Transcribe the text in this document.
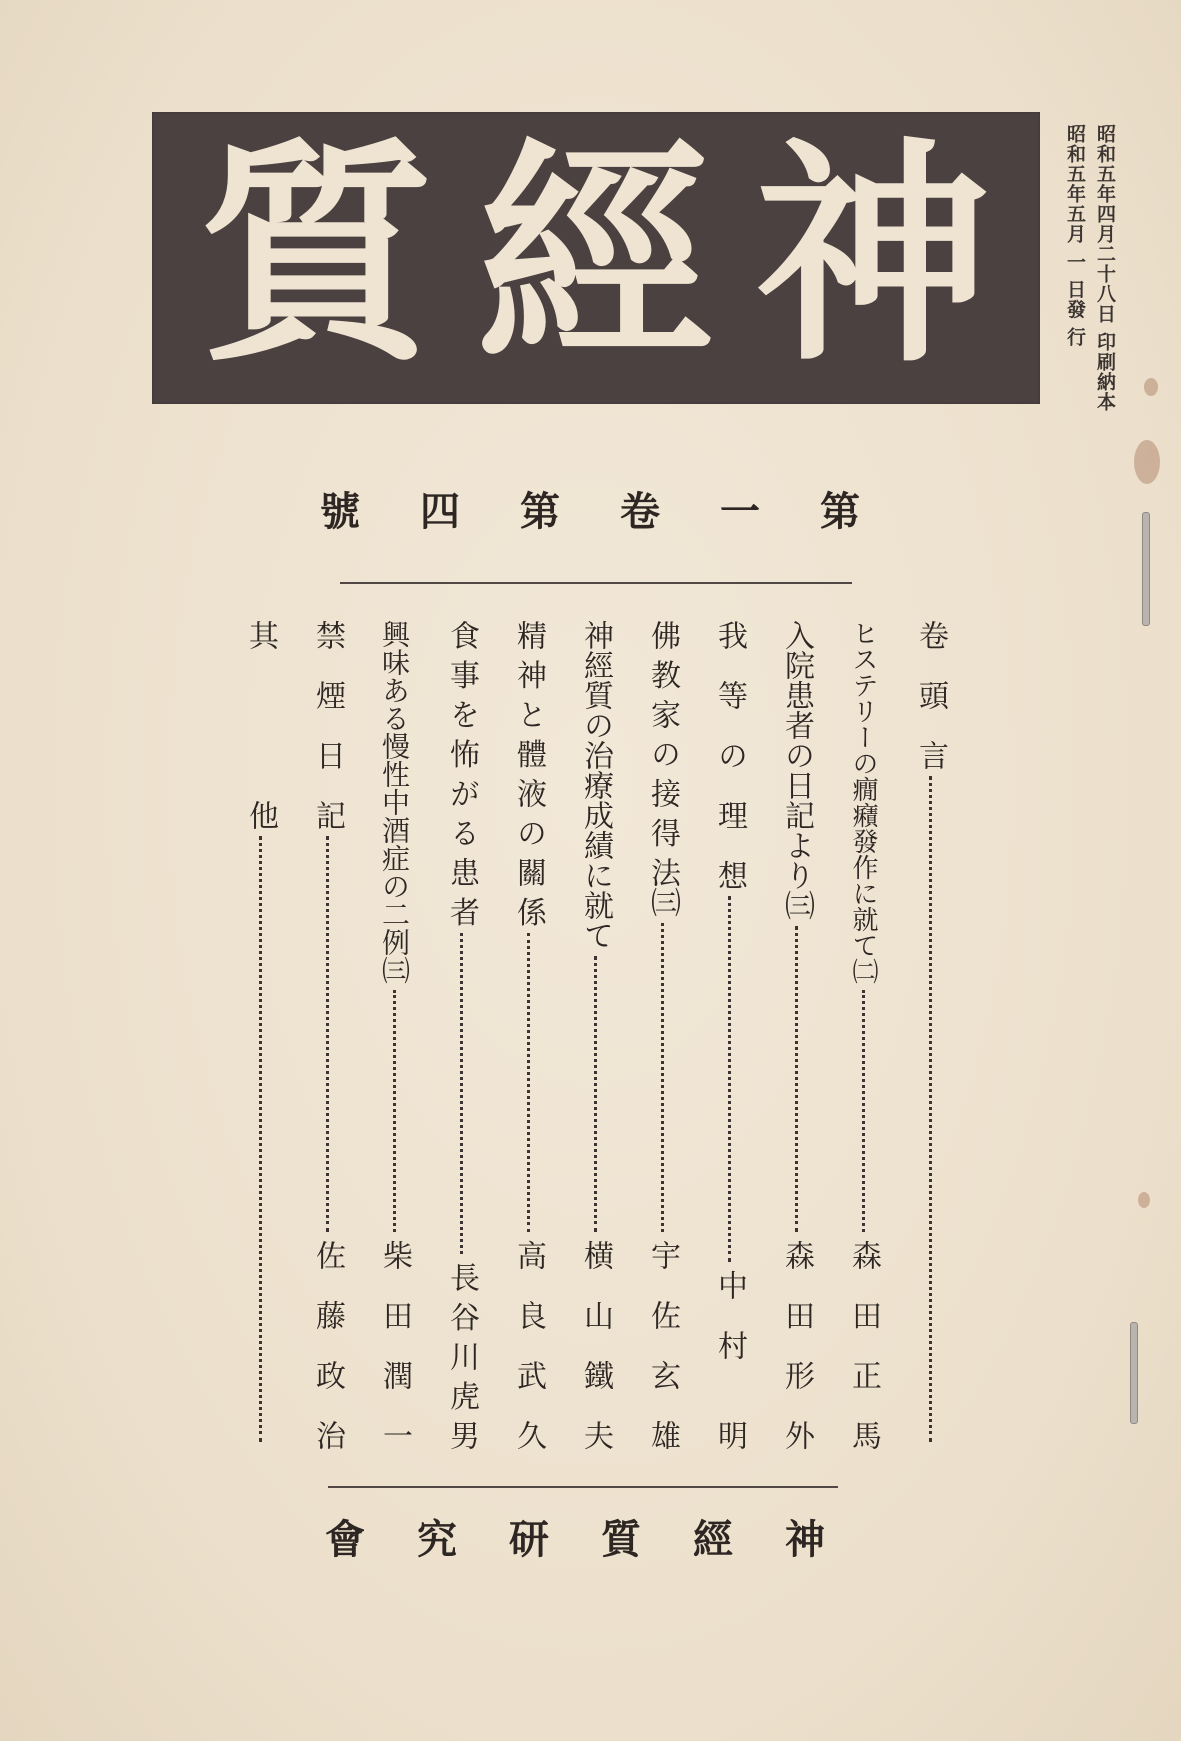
質 經 神	昭和五年四月二十八日 印刷納本
昭和五年五月 一 日發 行
號 四 第 卷 一 第
卷　頭　言
ヒステリーの癇癪發作に就て㈡
森　田　正　馬
入院患者の日記より㈢
森　田　形　外
我　等　の　理　想
中　村　　明
佛 教 家 の 接 得 法㈢
宇　佐　玄　雄
神經質の治療成績に就て
横　山　鐵　夫
精 神 と 體 液 の 關 係
高　良　武　久
食 事 を 怖 が る 患 者
長 谷 川 虎 男
興味ある慢性中酒症の二例㈢
柴　田　潤　一
禁　煙　日　記
佐　藤　政　治
其　　　　　他
會 究 研 質 經 神
